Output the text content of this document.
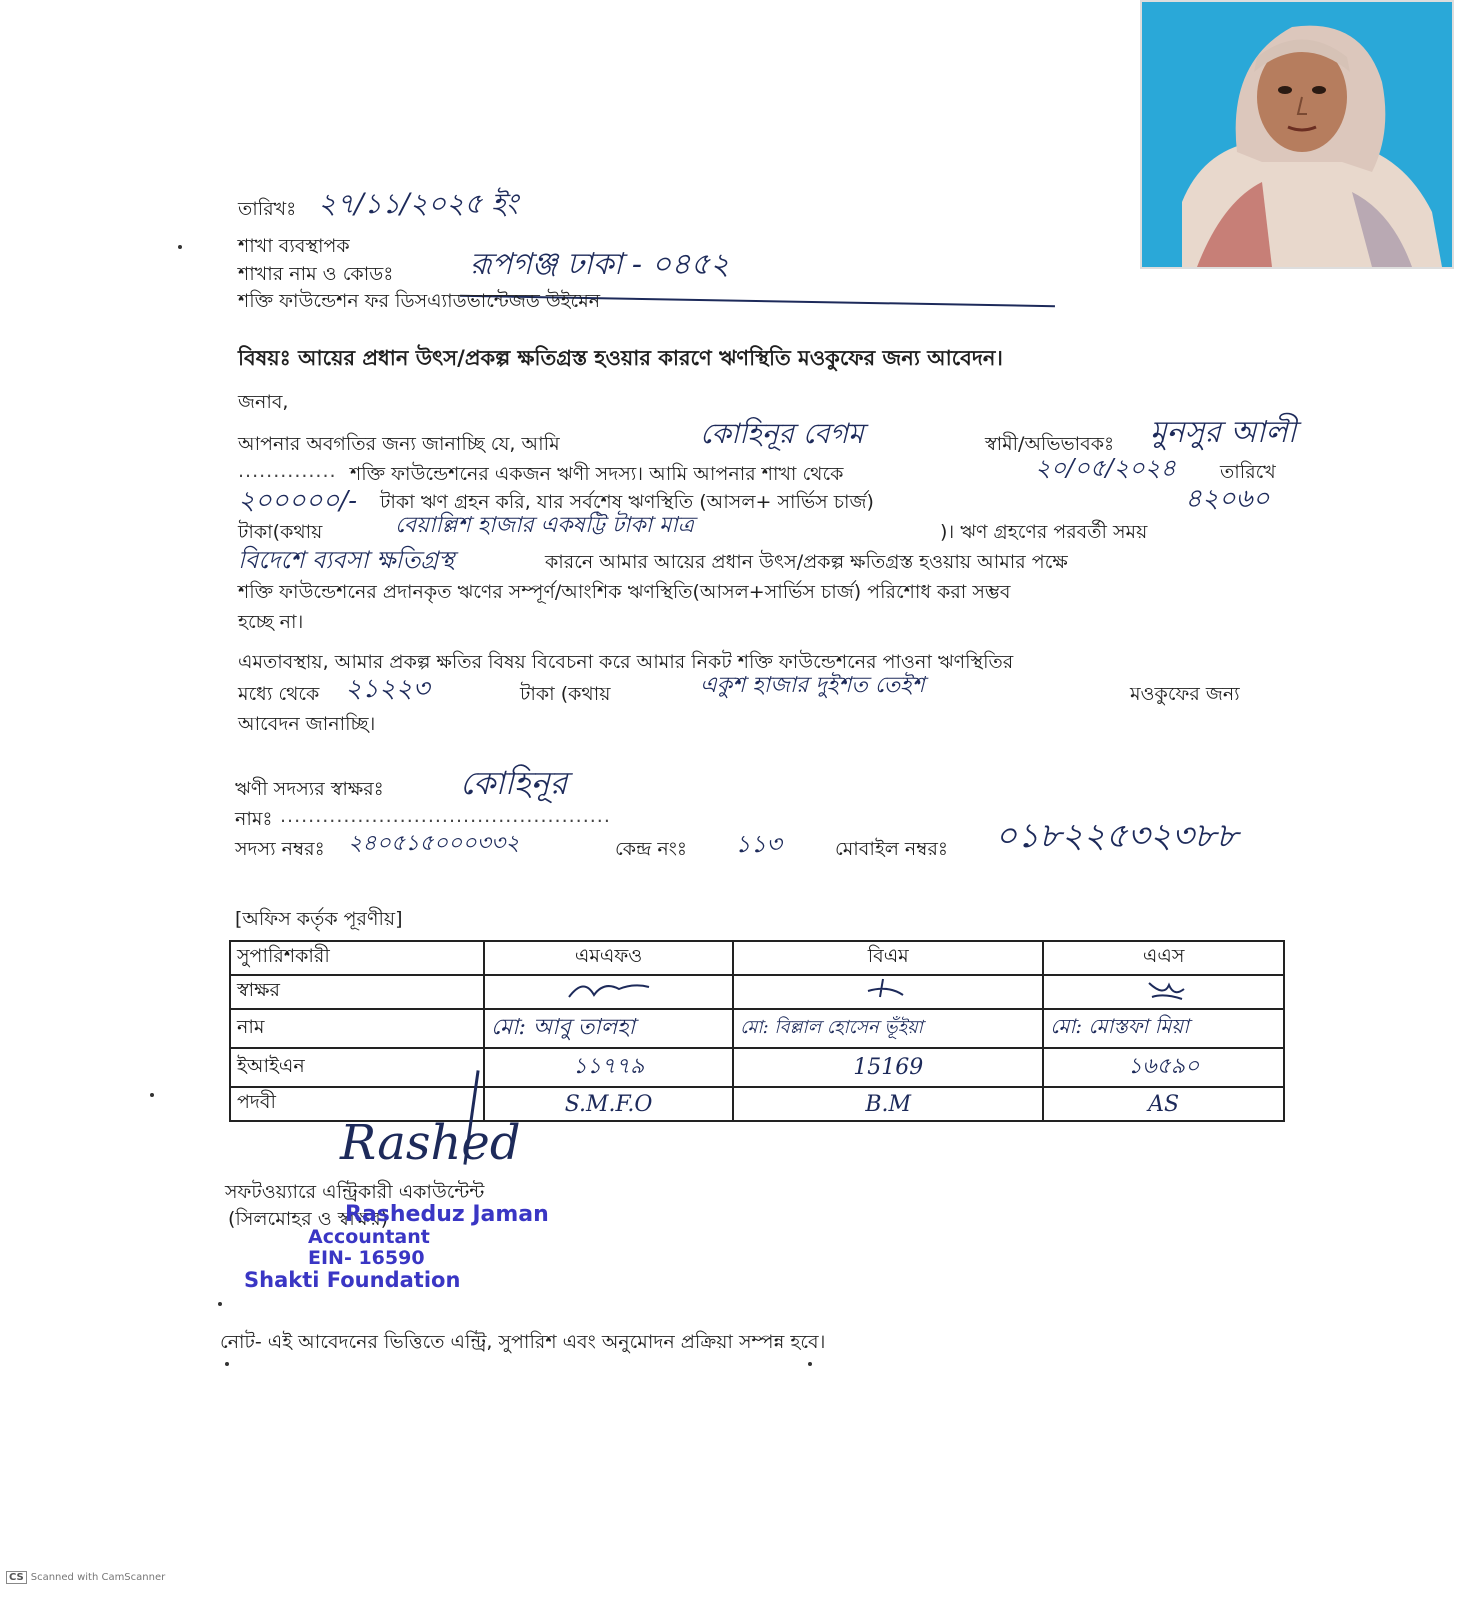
তারিখঃ ২৭/১১/২০২৫ ইং
শাখা ব্যবস্থাপক
শাখার নাম ও কোডঃ	রূপগঞ্জ ঢাকা - ০৪৫২
শক্তি ফাউন্ডেশন ফর ডিসএ্যাডভান্টেজড উইমেন
বিষয়ঃ আয়ের প্রধান উৎস/প্রকল্প ক্ষতিগ্রস্ত হওয়ার কারণে ঋণস্থিতি মওকুফের জন্য আবেদন।
জনাব,
আপনার অবগতির জন্য জানাচ্ছি যে, আমি	কোহিনূর বেগম	স্বামী/অভিভাবকঃ মুনসুর আলী
.............. শক্তি ফাউন্ডেশনের একজন ঋণী সদস্য। আমি আপনার শাখা থেকে	২০/০৫/২০২৪ তারিখে
২০০০০০/- টাকা ঋণ গ্রহন করি, যার সর্বশেষ ঋণস্থিতি (আসল+ সার্ভিস চার্জ)	৪২০৬০
টাকা(কথায়	বেয়াল্লিশ হাজার একষট্টি টাকা মাত্র	)। ঋণ গ্রহণের পরবর্তী সময়
বিদেশে ব্যবসা ক্ষতিগ্রস্থ	কারনে আমার আয়ের প্রধান উৎস/প্রকল্প ক্ষতিগ্রস্ত হওয়ায় আমার পক্ষে
শক্তি ফাউন্ডেশনের প্রদানকৃত ঋণের সম্পূর্ণ/আংশিক ঋণস্থিতি(আসল+সার্ভিস চার্জ) পরিশোধ করা সম্ভব
হচ্ছে না।
এমতাবস্থায়, আমার প্রকল্প ক্ষতির বিষয় বিবেচনা করে আমার নিকট শক্তি ফাউন্ডেশনের পাওনা ঋণস্থিতির
মধ্যে থেকে ২১২২৩	টাকা (কথায়	একুশ হাজার দুইশত তেইশ	মওকুফের জন্য
আবেদন জানাচ্ছি।
ঋণী সদস্যর স্বাক্ষরঃ কোহিনূর
নামঃ ...............................................
সদস্য নম্বরঃ ২৪০৫১৫০০০৩৩২	কেন্দ্র নংঃ ১১৩	মোবাইল নম্বরঃ ০১৮২২৫৩২৩৮৮
[অফিস কর্তৃক পূরণীয়]
সুপারিশকারী	এমএফও	বিএম	এএস
স্বাক্ষর			
নাম	মো: আবু তালহা	মো: বিল্লাল হোসেন ভূঁইয়া	মো: মোস্তফা মিয়া
ইআইএন	১১৭৭৯	15169	১৬৫৯০
পদবী	S.M.F.O	B.M	AS
Rashed
সফটওয়্যারে এন্ট্রিকারী একাউন্টেন্ট
(সিলমোহর ও স্বাক্ষর)
Rasheduz Jaman
Accountant
EIN- 16590
Shakti Foundation
নোট- এই আবেদনের ভিত্তিতে এন্ট্রি, সুপারিশ এবং অনুমোদন প্রক্রিয়া সম্পন্ন হবে।
CS Scanned with CamScanner
